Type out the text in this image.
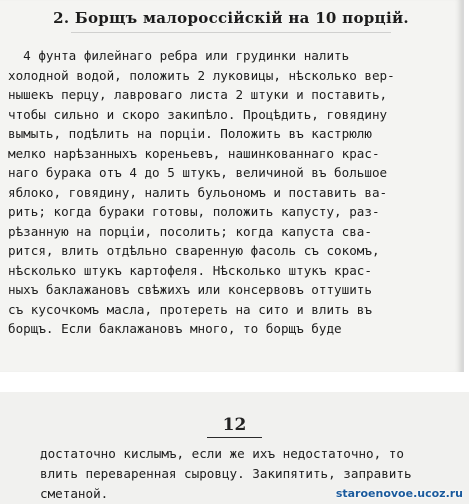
2. Борщъ малороссійскій на 10 порцій.
4 фунта филейнаго ребра или грудинки налить
холодной водой, положить 2 луковицы, нѣсколько вер-
нышекъ перцу, лавроваго листа 2 штуки и поставить,
чтобы сильно и скоро закипѣло. Процѣдить, говядину
вымыть, подѣлить на порціи. Положить въ кастрюлю
мелко нарѣзанныхъ кореньевъ, нашинкованнаго крас-
наго бурака отъ 4 до 5 штукъ, величиной въ большое
яблоко, говядину, налить бульономъ и поставить ва-
рить; когда бураки готовы, положить капусту, раз-
рѣзанную на порціи, посолить; когда капуста сва-
рится, влить отдѣльно сваренную фасоль съ сокомъ,
нѣсколько штукъ картофеля. Нѣсколько штукъ крас-
ныхъ баклажановъ свѣжихъ или консервовъ оттушить
съ кусочкомъ масла, протереть на сито и влить въ
борщъ. Если баклажановъ много, то борщъ буде

12

достаточно кислымъ, если же ихъ недостаточно, то
влить переваренная сыровцу. Закипятить, заправить
сметаной.	staroenovoe.ucoz.ru
